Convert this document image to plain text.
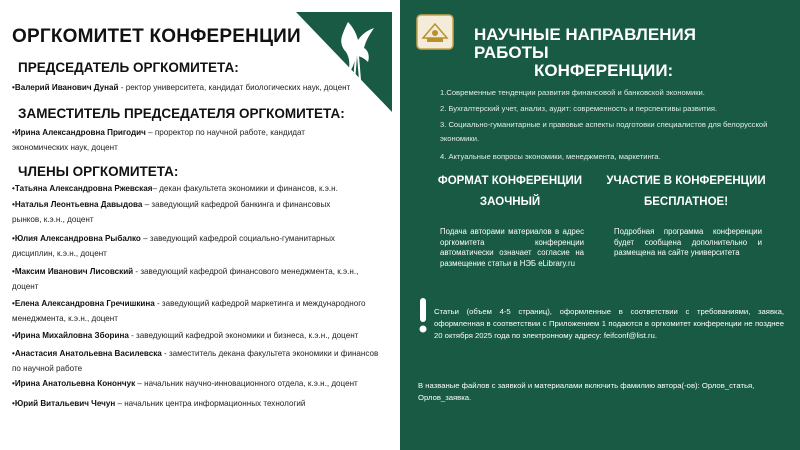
ОРГКОМИТЕТ КОНФЕРЕНЦИИ
ПРЕДСЕДАТЕЛЬ ОРГКОМИТЕТА:
•Валерий Иванович Дунай - ректор университета, кандидат биологических наук, доцент
ЗАМЕСТИТЕЛЬ ПРЕДСЕДАТЕЛЯ ОРГКОМИТЕТА:
•Ирина Александровна Пригодич – проректор по научной работе, кандидат экономических наук, доцент
ЧЛЕНЫ ОРГКОМИТЕТА:
•Татьяна Александровна Ржевская– декан факультета экономики и финансов, к.э.н.
•Наталья Леонтьевна Давыдова – заведующий кафедрой банкинга и финансовых рынков, к.э.н., доцент
•Юлия Александровна Рыбалко – заведующий кафедрой социально-гуманитарных дисциплин, к.э.н., доцент
•Максим Иванович Лисовский - заведующий кафедрой финансового менеджмента, к.э.н., доцент
•Елена Александровна Гречишкина - заведующий кафедрой маркетинга и международного менеджмента, к.э.н., доцент
•Ирина Михайловна Зборина - заведующий кафедрой экономики и бизнеса, к.э.н., доцент
•Анастасия Анатольевна Василевска - заместитель декана факультета экономики и финансов по научной работе
•Ирина Анатольевна Конончук – начальник научно-инновационного отдела, к.э.н., доцент
•Юрий Витальевич Чечун – начальник центра информационных технологий
НАУЧНЫЕ НАПРАВЛЕНИЯ РАБОТЫ
КОНФЕРЕНЦИИ:
1.Современные тенденции развития финансовой и банковской экономики.
2. Бухгалтерский учет, анализ, аудит: современность и перспективы развития.
3. Социально-гуманитарные и правовые аспекты подготовки специалистов для белорусской экономики.
4. Актуальные вопросы экономики, менеджмента, маркетинга.
ФОРМАТ КОНФЕРЕНЦИИ
ЗАОЧНЫЙ
Подача авторами материалов в адрес оргкомитета конференции автоматически означает согласие на размещение статьи в НЭБ eLibrary.ru
УЧАСТИЕ В КОНФЕРЕНЦИИ
БЕСПЛАТНОЕ!
Подробная программа конференции будет сообщена дополнительно и размещена на сайте университета
Статьи (объем 4-5 страниц), оформленные в соответствии с требованиями, заявка, оформленная в соответствии с Приложением 1 подаются в оргкомитет конференции не позднее 20 октября 2025 года по электронному адресу: feifconf@list.ru.
В названые файлов с заявкой и материалами включить фамилию автора(-ов): Орлов_статья, Орлов_заявка.
